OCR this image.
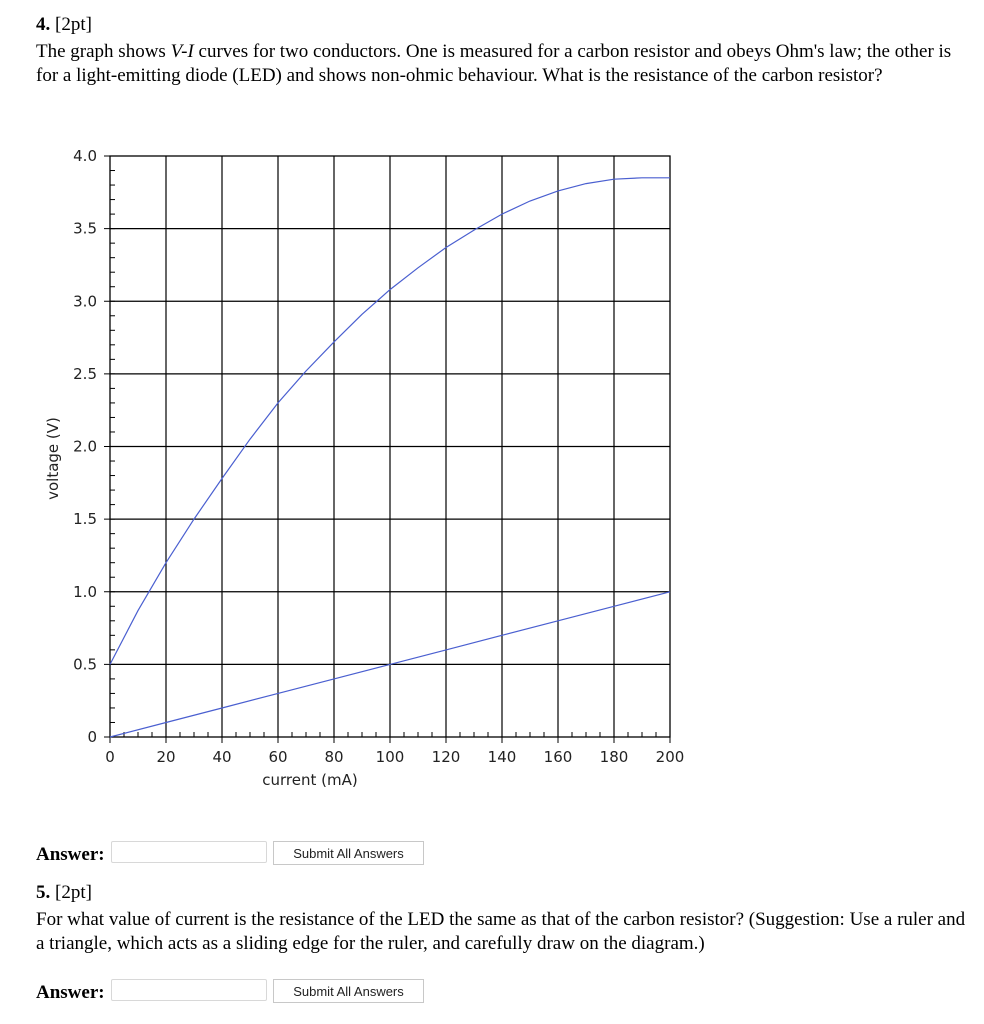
4. [2pt]
The graph shows V-I curves for two conductors. One is measured for a carbon resistor and obeys Ohm's law; the other is for a light-emitting diode (LED) and shows non-ohmic behaviour. What is the resistance of the carbon resistor?
0	20 40 60 80 100 120 140 160 180 200
0
0.5
1.0
1.5
2.0
2.5
3.0
3.5
4.0
current (mA)
voltage (V)
Answer:	Submit All Answers
5. [2pt]
For what value of current is the resistance of the LED the same as that of the carbon resistor? (Suggestion: Use a ruler and a triangle, which acts as a sliding edge for the ruler, and carefully draw on the diagram.)
Answer:	Submit All Answers
